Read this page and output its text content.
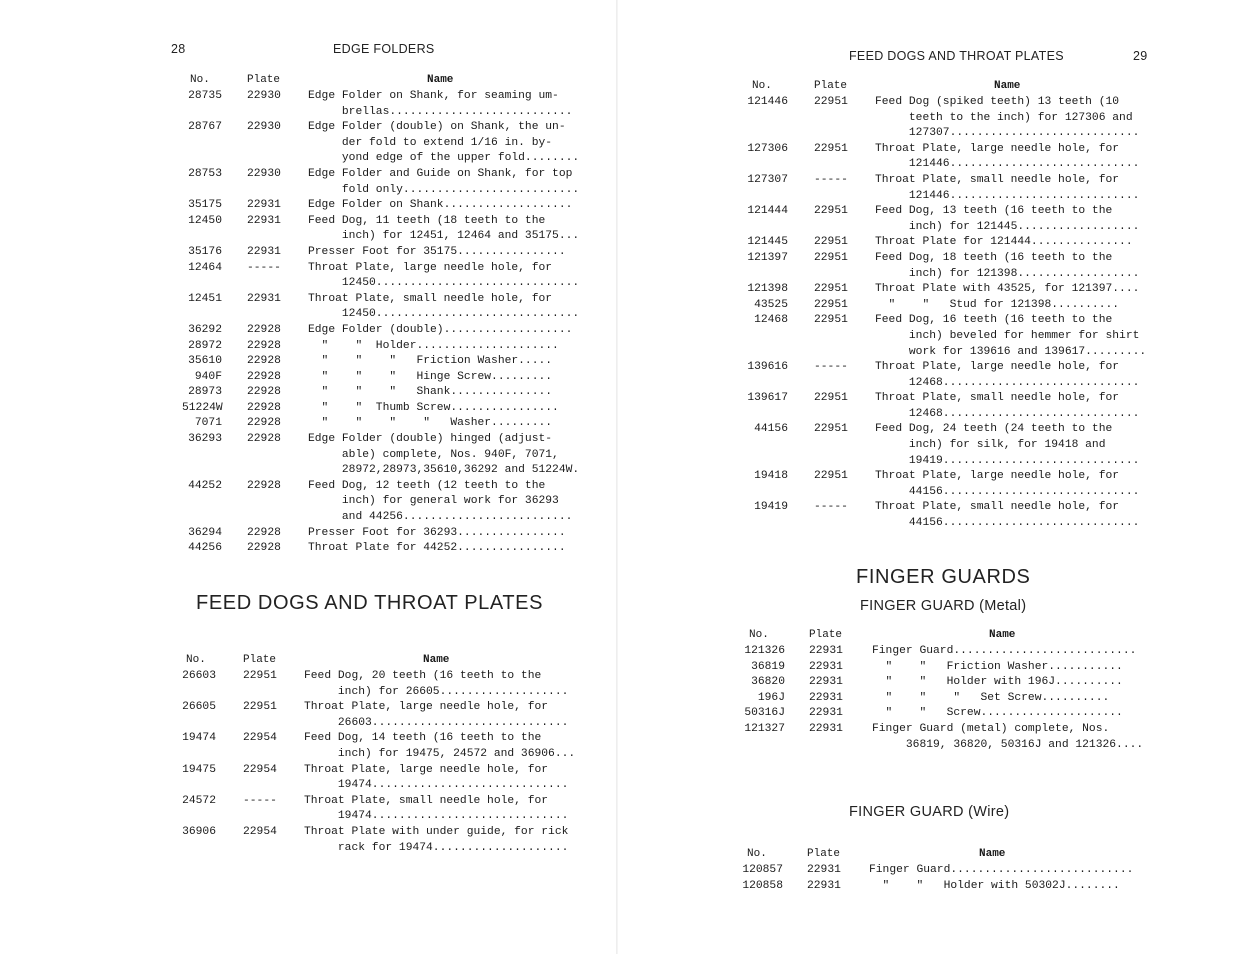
28	EDGE FOLDERS
No.	Plate	Name
28735 22930 Edge Folder on Shank, for seaming um-
brellas...........................
28767 22930 Edge Folder (double) on Shank, the un-
der fold to extend 1/16 in. by-
yond edge of the upper fold........
28753 22930 Edge Folder and Guide on Shank, for top
fold only..........................
35175 22931 Edge Folder on Shank...................
12450 22931 Feed Dog, 11 teeth (18 teeth to the
inch) for 12451, 12464 and 35175...
35176 22931 Presser Foot for 35175................
12464 ----- Throat Plate, large needle hole, for
12450..............................
12451 22931 Throat Plate, small needle hole, for
12450..............................
36292 22928 Edge Folder (double)...................
28972 22928 "    "  Holder.....................
35610 22928 "    "    "   Friction Washer.....
940F 22928 "    "    "   Hinge Screw.........
28973 22928 "    "    "   Shank...............
51224W 22928 "    "  Thumb Screw................
7071 22928 "    "    "    "   Washer.........
36293 22928 Edge Folder (double) hinged (adjust-
able) complete, Nos. 940F, 7071,
28972,28973,35610,36292 and 51224W.
44252 22928 Feed Dog, 12 teeth (12 teeth to the
inch) for general work for 36293
and 44256.........................
36294 22928 Presser Foot for 36293................
44256 22928 Throat Plate for 44252................
FEED DOGS AND THROAT PLATES
No.	Plate	Name
26603 22951 Feed Dog, 20 teeth (16 teeth to the
inch) for 26605...................
26605 22951 Throat Plate, large needle hole, for
26603.............................
19474 22954 Feed Dog, 14 teeth (16 teeth to the
inch) for 19475, 24572 and 36906...
19475 22954 Throat Plate, large needle hole, for
19474.............................
24572 ----- Throat Plate, small needle hole, for
19474.............................
36906 22954 Throat Plate with under guide, for rick
rack for 19474....................
FEED DOGS AND THROAT PLATES	29
No.	Plate	Name
121446 22951 Feed Dog (spiked teeth) 13 teeth (10
teeth to the inch) for 127306 and
127307............................
127306 22951 Throat Plate, large needle hole, for
121446............................
127307 ----- Throat Plate, small needle hole, for
121446............................
121444 22951 Feed Dog, 13 teeth (16 teeth to the
inch) for 121445..................
121445 22951 Throat Plate for 121444...............
121397 22951 Feed Dog, 18 teeth (16 teeth to the
inch) for 121398..................
121398 22951 Throat Plate with 43525, for 121397....
43525 22951 "    "   Stud for 121398..........
12468 22951 Feed Dog, 16 teeth (16 teeth to the
inch) beveled for hemmer for shirt
work for 139616 and 139617.........
139616 ----- Throat Plate, large needle hole, for
12468.............................
139617 22951 Throat Plate, small needle hole, for
12468.............................
44156 22951 Feed Dog, 24 teeth (24 teeth to the
inch) for silk, for 19418 and
19419.............................
19418 22951 Throat Plate, large needle hole, for
44156.............................
19419 ----- Throat Plate, small needle hole, for
44156.............................
FINGER GUARDS
FINGER GUARD (Metal)
No.	Plate	Name
121326 22931	Finger Guard...........................
36819 22931	"    "   Friction Washer...........
36820 22931	"    "   Holder with 196J..........
196J 22931	"    "    "   Set Screw..........
50316J 22931	"    "   Screw.....................
121327 22931	Finger Guard (metal) complete, Nos.
36819, 36820, 50316J and 121326....
FINGER GUARD (Wire)
No.	Plate	Name
120857 22931 Finger Guard...........................
120858 22931 "    "   Holder with 50302J........
